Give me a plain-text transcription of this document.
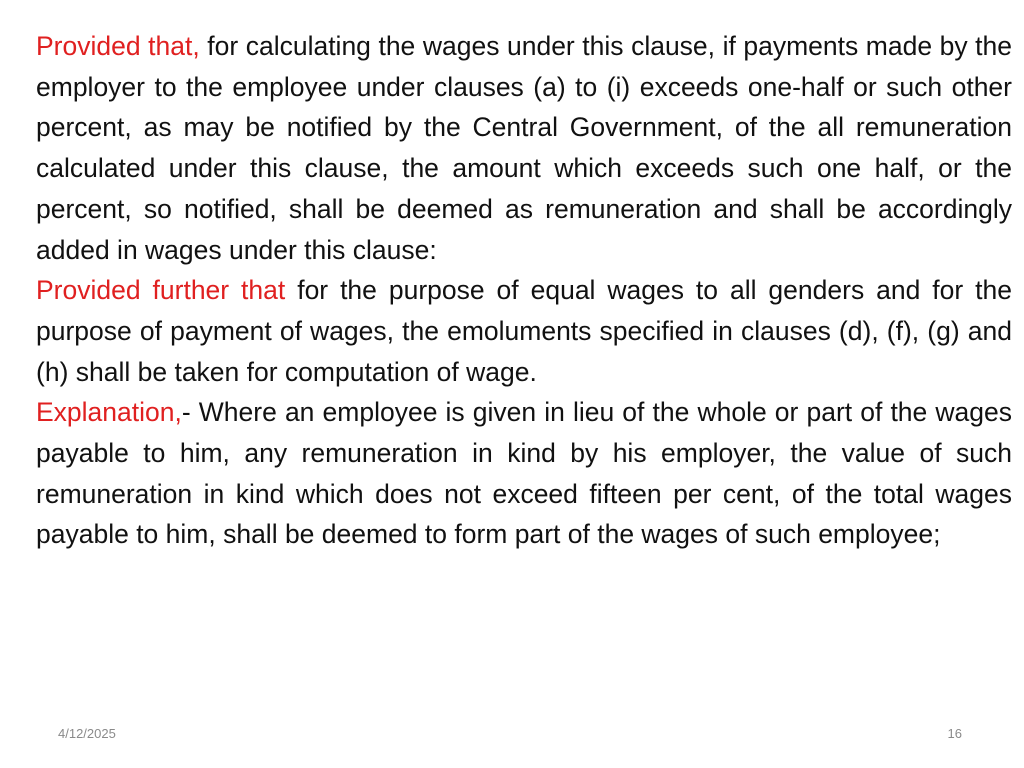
Provided that, for calculating the wages under this clause, if payments made by the employer to the employee under clauses (a) to (i) exceeds one-half or such other percent, as may be notified by the Central Government, of the all remuneration calculated under this clause, the amount which exceeds such one half, or the percent, so notified, shall be deemed as remuneration and shall be accordingly added in wages under this clause:

Provided further that for the purpose of equal wages to all genders and for the purpose of payment of wages, the emoluments specified in clauses (d), (f), (g) and (h) shall be taken for computation of wage.

Explanation,- Where an employee is given in lieu of the whole or part of the wages payable to him, any remuneration in kind by his employer, the value of such remuneration in kind which does not exceed fifteen per cent, of the total wages payable to him, shall be deemed to form part of the wages of such employee;

4/12/2025	16
